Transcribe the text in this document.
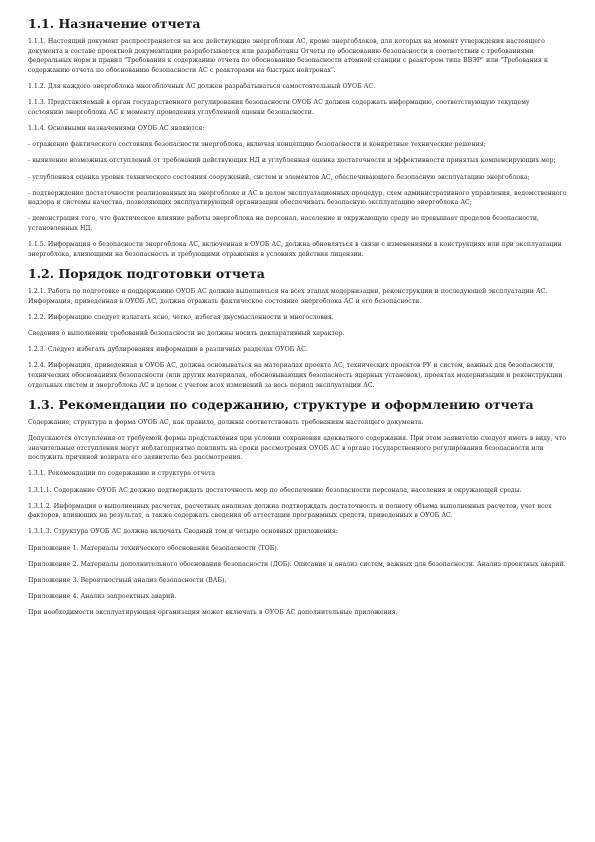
1.1. Назначение отчета

1.1.1. Настоящий документ распространяется на все действующие энергоблоки АС, кроме энергоблоков, для которых на момент утверждения настоящего документа в составе проектной документации разработывается или разработаны Отчеты по обоснованию безопасности в соответствии с требованиями федеральных норм и правил "Требования к содержанию отчета по обоснованию безопасности атомной станции с реактором типа ВВЭР" или "Требования к содержанию отчета по обоснованию безопасности АС с реакторами на быстрых нейтронах".

1.1.2. Для каждого энергоблока многоблочных АС должен разрабатываться самостоятельный ОУОБ АС.

1.1.3. Представляемый в орган государственного регулирования безопасности ОУОБ АС должен содержать информацию, соответствующую текущему состоянию энергоблока АС к моменту проведения углубленной оценки безопасности.

1.1.4. Основными назначениями ОУОБ АС являются:

- отражение фактического состояния безопасности энергоблока, включая концепцию безопасности и конкретные технические решения;

- выявление возможных отступлений от требований действующих НД и углубленная оценка достаточности и эффективности принятых компенсирующих мер;

- углубленная оценка уровня технического состояния сооружений, систем и элементов АС, обеспечивающего безопасную эксплуатацию энергоблока;

- подтверждение достаточности реализованных на энергоблоке и АС в целом эксплуатационных процедур, схем административного управления, ведомственного надзора и системы качества, позволяющих эксплуатирующей организации обеспечивать безопасную эксплуатацию энергоблока АС;

- демонстрация того, что фактическое влияние работы энергоблока на персонал, население и окружающую среду не превышает пределов безопасности, установленных НД.

1.1.5. Информация о безопасности энергоблока АС, включенная в ОУОБ АС, должна обновляться в связи с изменениями в конструкциях или при эксплуатации энергоблока, влияющими на безопасность и требующими отражения в условиях действия лицензии.

1.2. Порядок подготовки отчета

1.2.1. Работа по подготовке и поддержанию ОУОБ АС должна выполняться на всех этапах модернизации, реконструкции и последующей эксплуатации АС. Информация, приведенная в ОУОБ АС, должна отражать фактическое состояние энергоблока АС и его безопасности.

1.2.2. Информацию следует излагать ясно, четко, избегая двусмысленности и многословия.

Сведения о выполнении требований безопасности не должны носить декларативный характер.

1.2.3. Следует избегать дублирования информации в различных разделах ОУОБ АС.

1.2.4. Информация, приведенная в ОУОБ АС, должна основываться на материалах проекта АС, технических проектов РУ и систем, важных для безопасности, технических обоснованиях безопасности (или других материалах, обосновывающих безопасность ядерных установок), проектах модернизации и реконструкции отдельных систем и энергоблока АС в целом с учетом всех изменений за весь период эксплуатации АС.

1.3. Рекомендации по содержанию, структуре и оформлению отчета

Содержание, структура и форма ОУОБ АС, как правило, должны соответствовать требованиям настоящего документа.

Допускаются отступления от требуемой формы представления при условии сохранения адекватного содержания. При этом заявителю следует иметь в виду, что значительные отступления могут неблагоприятно повлиять на сроки рассмотрения ОУОБ АС в органе государственного регулирования безопасности или послужить причиной возврата его заявителю без рассмотрения.

1.3.1. Рекомендации по содержанию и структуре отчета

1.3.1.1. Содержание ОУОБ АС должно подтверждать достаточность мер по обеспечению безопасности персонала, населения и окружающей среды.

1.3.1.2. Информация о выполненных расчетах, расчетных анализах должна подтверждать достаточность и полноту объема выполненных расчетов, учет всех факторов, влияющих на результат, а также содержать сведения об аттестации программных средств, приведенных в ОУОБ АС.

1.3.1.3. Структура ОУОБ АС должна включать Сводный том и четыре основных приложения:

Приложение 1. Материалы технического обоснования безопасности (ТОБ).

Приложение 2. Материалы дополнительного обоснования безопасности (ДОБ). Описание и анализ систем, важных для безопасности. Анализ проектных аварий.

Приложение 3. Вероятностный анализ безопасности (ВАБ).

Приложение 4. Анализ запроектных аварий.

При необходимости эксплуатирующая организация может включать в ОУОБ АС дополнительные приложения.
